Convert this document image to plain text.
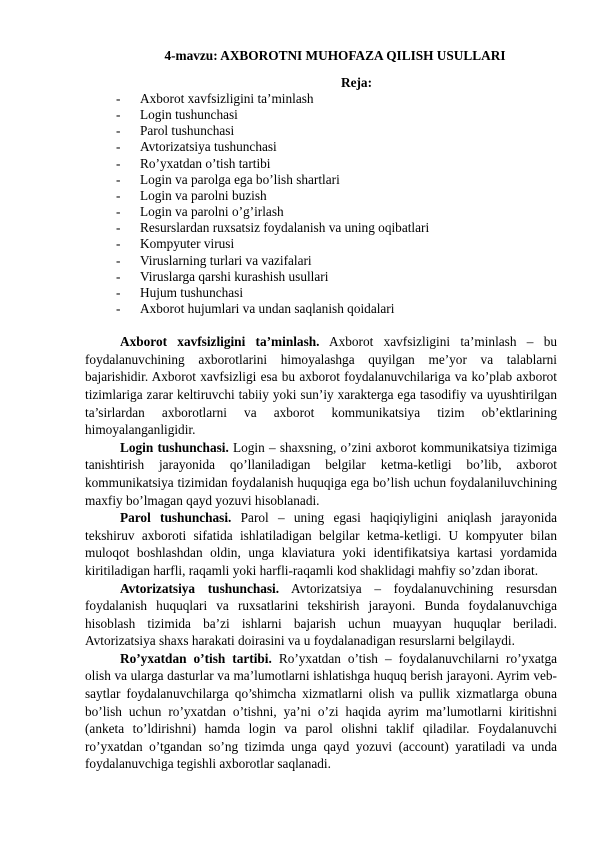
4-mavzu: AXBOROTNI MUHOFAZA QILISH USULLARI
Reja:
- Axborot xavfsizligini ta’minlash
- Login tushunchasi
- Parol tushunchasi
- Avtorizatsiya tushunchasi
- Ro’yxatdan o’tish tartibi
- Login va parolga ega bo’lish shartlari
- Login va parolni buzish
- Login va parolni o’g’irlash
- Resurslardan ruxsatsiz foydalanish va uning oqibatlari
- Kompyuter virusi
- Viruslarning turlari va vazifalari
- Viruslarga qarshi kurashish usullari
- Hujum tushunchasi
- Axborot hujumlari va undan saqlanish qoidalari

Axborot xavfsizligini ta’minlash. Axborot xavfsizligini ta’minlash – bu foydalanuvchining axborotlarini himoyalashga quyilgan me’yor va talablarni bajarishidir. Axborot xavfsizligi esa bu axborot foydalanuvchilariga va ko’plab axborot tizimlariga zarar keltiruvchi tabiiy yoki sun’iy xarakterga ega tasodifiy va uyushtirilgan ta’sirlardan axborotlarni va axborot kommunikatsiya tizim ob’ektlarining himoyalanganligidir.

Login tushunchasi. Login – shaxsning, o’zini axborot kommunikatsiya tizimiga tanishtirish jarayonida qo’llaniladigan belgilar ketma-ketligi bo’lib, axborot kommunikatsiya tizimidan foydalanish huquqiga ega bo’lish uchun foydalaniluvchining maxfiy bo’lmagan qayd yozuvi hisoblanadi.

Parol tushunchasi. Parol – uning egasi haqiqiyligini aniqlash jarayonida tekshiruv axboroti sifatida ishlatiladigan belgilar ketma-ketligi. U kompyuter bilan muloqot boshlashdan oldin, unga klaviatura yoki identifikatsiya kartasi yordamida kiritiladigan harfli, raqamli yoki harfli-raqamli kod shaklidagi mahfiy so’zdan iborat.

Avtorizatsiya tushunchasi. Avtorizatsiya – foydalanuvchining resursdan foydalanish huquqlari va ruxsatlarini tekshirish jarayoni. Bunda foydalanuvchiga hisoblash tizimida ba’zi ishlarni bajarish uchun muayyan huquqlar beriladi. Avtorizatsiya shaxs harakati doirasini va u foydalanadigan resurslarni belgilaydi.

Ro’yxatdan o’tish tartibi. Ro’yxatdan o’tish – foydalanuvchilarni ro’yxatga olish va ularga dasturlar va ma’lumotlarni ishlatishga huquq berish jarayoni. Ayrim veb-saytlar foydalanuvchilarga qo’shimcha xizmatlarni olish va pullik xizmatlarga obuna bo’lish uchun ro’yxatdan o’tishni, ya’ni o’zi haqida ayrim ma’lumotlarni kiritishni (anketa to’ldirishni) hamda login va parol olishni taklif qiladilar. Foydalanuvchi ro’yxatdan o’tgandan so’ng tizimda unga qayd yozuvi (account) yaratiladi va unda foydalanuvchiga tegishli axborotlar saqlanadi.
